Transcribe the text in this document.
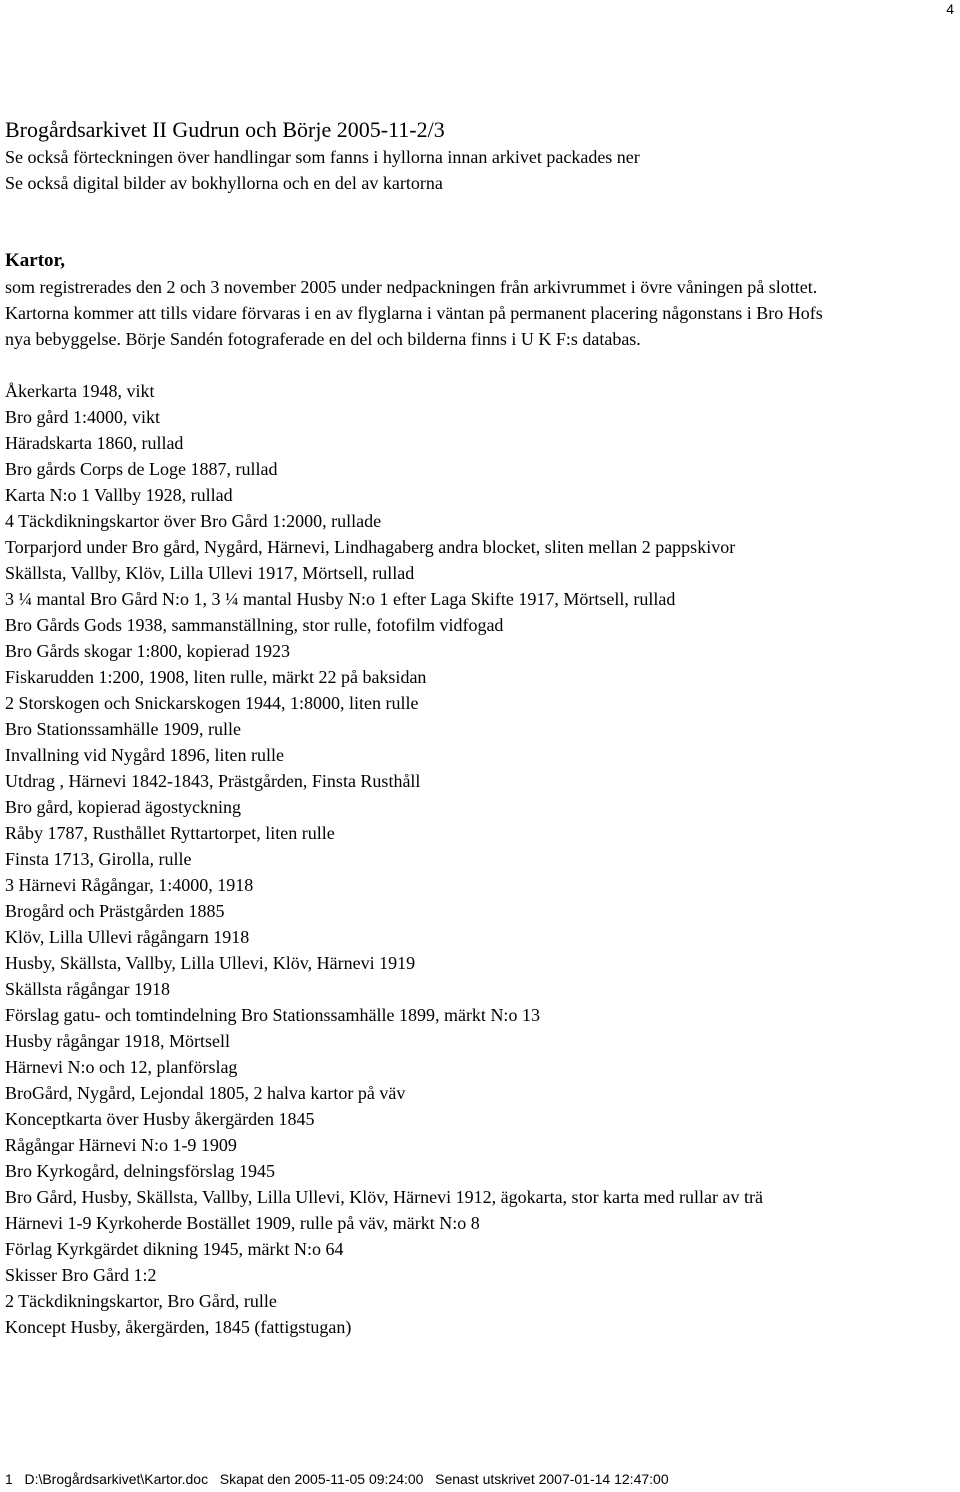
4
Brogårdsarkivet II Gudrun och Börje 2005-11-2/3

Se också förteckningen över handlingar som fanns i hyllorna innan arkivet packades ner

Se också digital bilder av bokhyllorna och en del av kartorna

Kartor,

som registrerades den 2 och 3 november 2005 under nedpackningen från arkivrummet i övre våningen på slottet. Kartorna kommer att tills vidare förvaras i en av flyglarna i väntan på permanent placering någonstans i Bro Hofs nya bebyggelse. Börje Sandén fotograferade en del och bilderna finns i U K F:s databas.

Åkerkarta 1948, vikt
Bro gård 1:4000, vikt
Häradskarta 1860, rullad
Bro gårds Corps de Loge 1887, rullad
Karta N:o 1 Vallby 1928, rullad
4 Täckdikningskartor över Bro Gård 1:2000, rullade
Torparjord under Bro gård, Nygård, Härnevi, Lindhagaberg andra blocket, sliten mellan 2 pappskivor
Skällsta, Vallby, Klöv, Lilla Ullevi 1917, Mörtsell, rullad
3 ¼ mantal Bro Gård N:o 1, 3 ¼ mantal Husby N:o 1 efter Laga Skifte 1917, Mörtsell, rullad
Bro Gårds Gods 1938, sammanställning, stor rulle, fotofilm vidfogad
Bro Gårds skogar 1:800, kopierad 1923
Fiskarudden 1:200, 1908, liten rulle, märkt 22 på baksidan
2 Storskogen och Snickarskogen 1944, 1:8000, liten rulle
Bro Stationssamhälle 1909, rulle
Invallning vid Nygård 1896, liten rulle
Utdrag , Härnevi 1842-1843, Prästgården, Finsta Rusthåll
Bro gård, kopierad ägostyckning
Råby 1787, Rusthållet Ryttartorpet, liten rulle
Finsta 1713, Girolla, rulle
3 Härnevi Rågångar, 1:4000, 1918
Brogård och Prästgården 1885
Klöv, Lilla Ullevi rågångarn 1918
Husby, Skällsta, Vallby, Lilla Ullevi, Klöv, Härnevi 1919
Skällsta rågångar 1918
Förslag gatu- och tomtindelning Bro Stationssamhälle 1899, märkt N:o 13
Husby rågångar 1918, Mörtsell
Härnevi N:o och 12, planförslag
BroGård, Nygård, Lejondal 1805, 2 halva kartor på väv
Konceptkarta över Husby åkergärden 1845
Rågångar Härnevi N:o 1-9 1909
Bro Kyrkogård, delningsförslag 1945
Bro Gård, Husby, Skällsta, Vallby, Lilla Ullevi, Klöv, Härnevi 1912, ägokarta, stor karta med rullar av trä
Härnevi 1-9 Kyrkoherde Bostället 1909, rulle på väv, märkt N:o 8
Förlag Kyrkgärdet dikning 1945, märkt N:o 64
Skisser Bro Gård 1:2
2 Täckdikningskartor, Bro Gård, rulle
Koncept Husby, åkergärden, 1845 (fattigstugan)
1   D:\Brogårdsarkivet\Kartor.doc   Skapat den 2005-11-05 09:24:00   Senast utskrivet 2007-01-14 12:47:00
